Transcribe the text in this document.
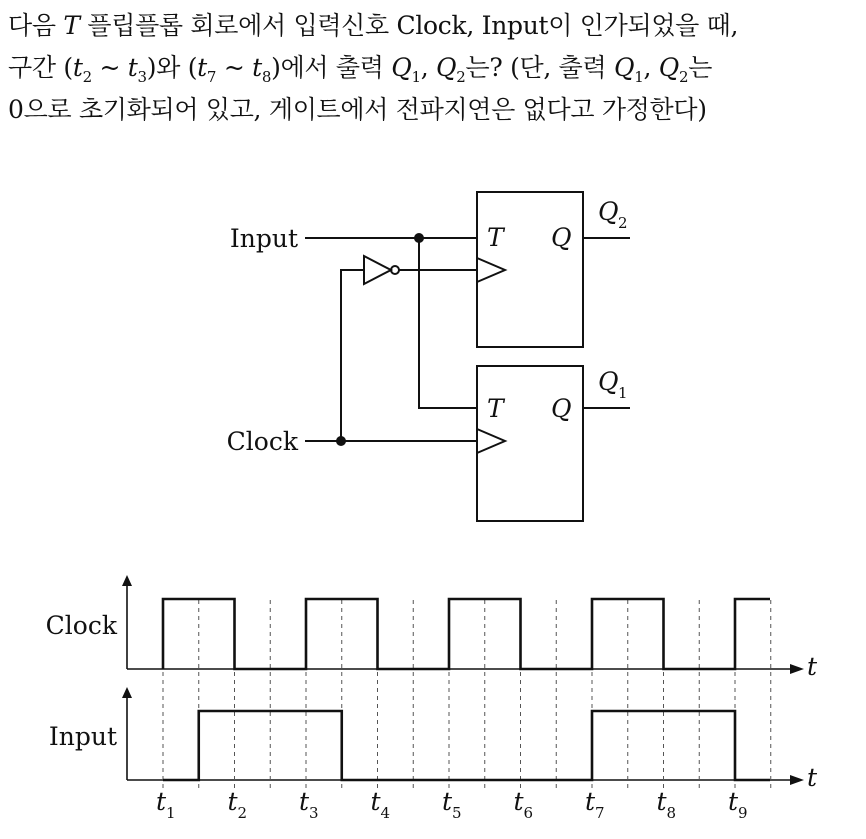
다음 T 플립플롭 회로에서 입력신호 Clock, Input이 인가되었을 때,
구간 ($t_2$ ~ $t_3$)와 ($t_7$ ~ $t_8$)에서 출력 $Q_1$, $Q_2$는? (단, 출력 $Q_1$, $Q_2$는
0으로 초기화되어 있고, 게이트에서 전파지연은 없다고 가정한다)
Input
Clock
T Q
Q 2
T Q
Q 1
t 1 t 2 t 3 t 4 t 5 t 6 t 7 t 8 t 9
Clock
Input
t
t
